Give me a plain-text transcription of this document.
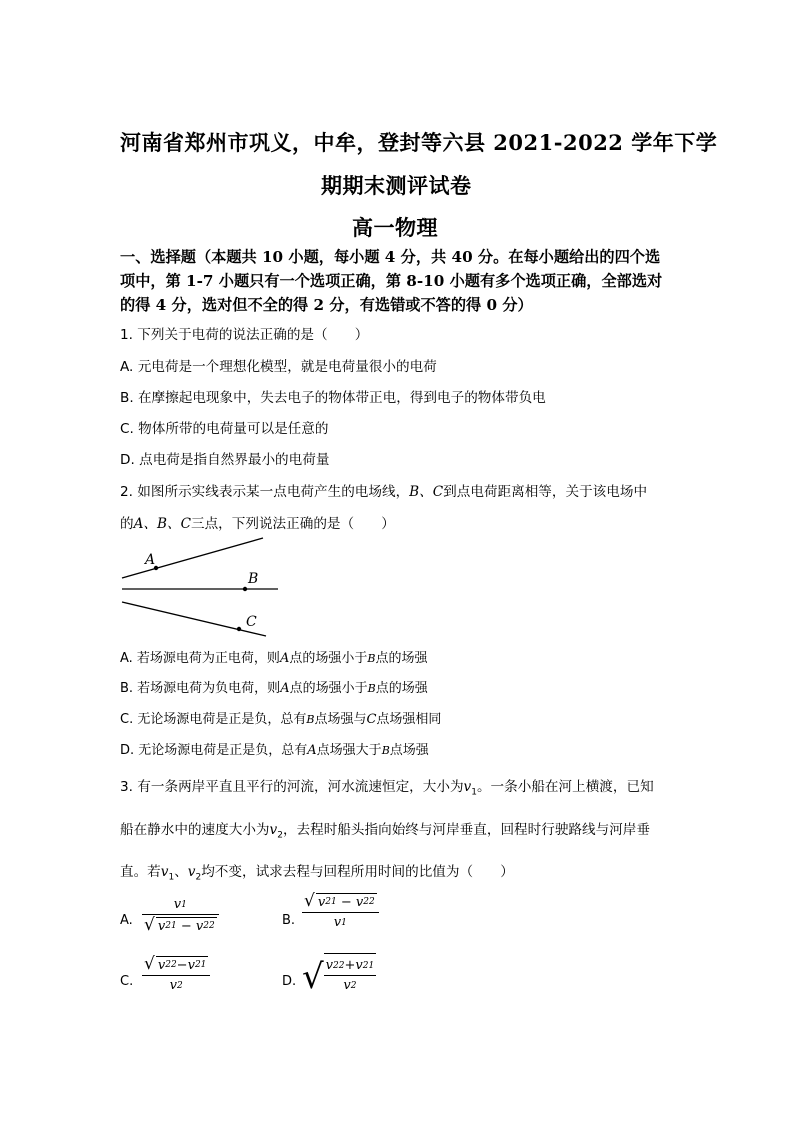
河南省郑州市巩义，中牟，登封等六县 2021-2022 学年下学
期期末测评试卷
高一物理
一、选择题（本题共 10 小题，每小题 4 分，共 40 分。在每小题给出的四个选
项中，第 1-7 小题只有一个选项正确，第 8-10 小题有多个选项正确，全部选对
的得 4 分，选对但不全的得 2 分，有选错或不答的得 0 分）
1. 下列关于电荷的说法正确的是（　　）
A. 元电荷是一个理想化模型，就是电荷量很小的电荷
B. 在摩擦起电现象中，失去电子的物体带正电，得到电子的物体带负电
C. 物体所带的电荷量可以是任意的
D. 点电荷是指自然界最小的电荷量
2. 如图所示实线表示某一点电荷产生的电场线，B、C到点电荷距离相等，关于该电场中
的A、B、C三点，下列说法正确的是（　　）
A
B
C
A. 若场源电荷为正电荷，则A点的场强小于B点的场强
B. 若场源电荷为负电荷，则A点的场强小于B点的场强
C. 无论场源电荷是正是负，总有B点场强与C点场强相同
D. 无论场源电荷是正是负，总有A点场强大于B点场强
3. 有一条两岸平直且平行的河流，河水流速恒定，大小为$v_1$。一条小船在河上横渡，已知
船在静水中的速度大小为$v_2$，去程时船头指向始终与河岸垂直，回程时行驶路线与河岸垂
直。若$v_1$、$v_2$均不变，试求去程与回程所用时间的比值为（　　）
A.
v 1
√ v 2 1
−
v 2 2	B.
√ v 2 1
−
v 2 2
v 1
C.
√ v 2 2 − v 2 1
v 2	D. √ $\frac{v 2 2 + v 2 1}{v 2}$
